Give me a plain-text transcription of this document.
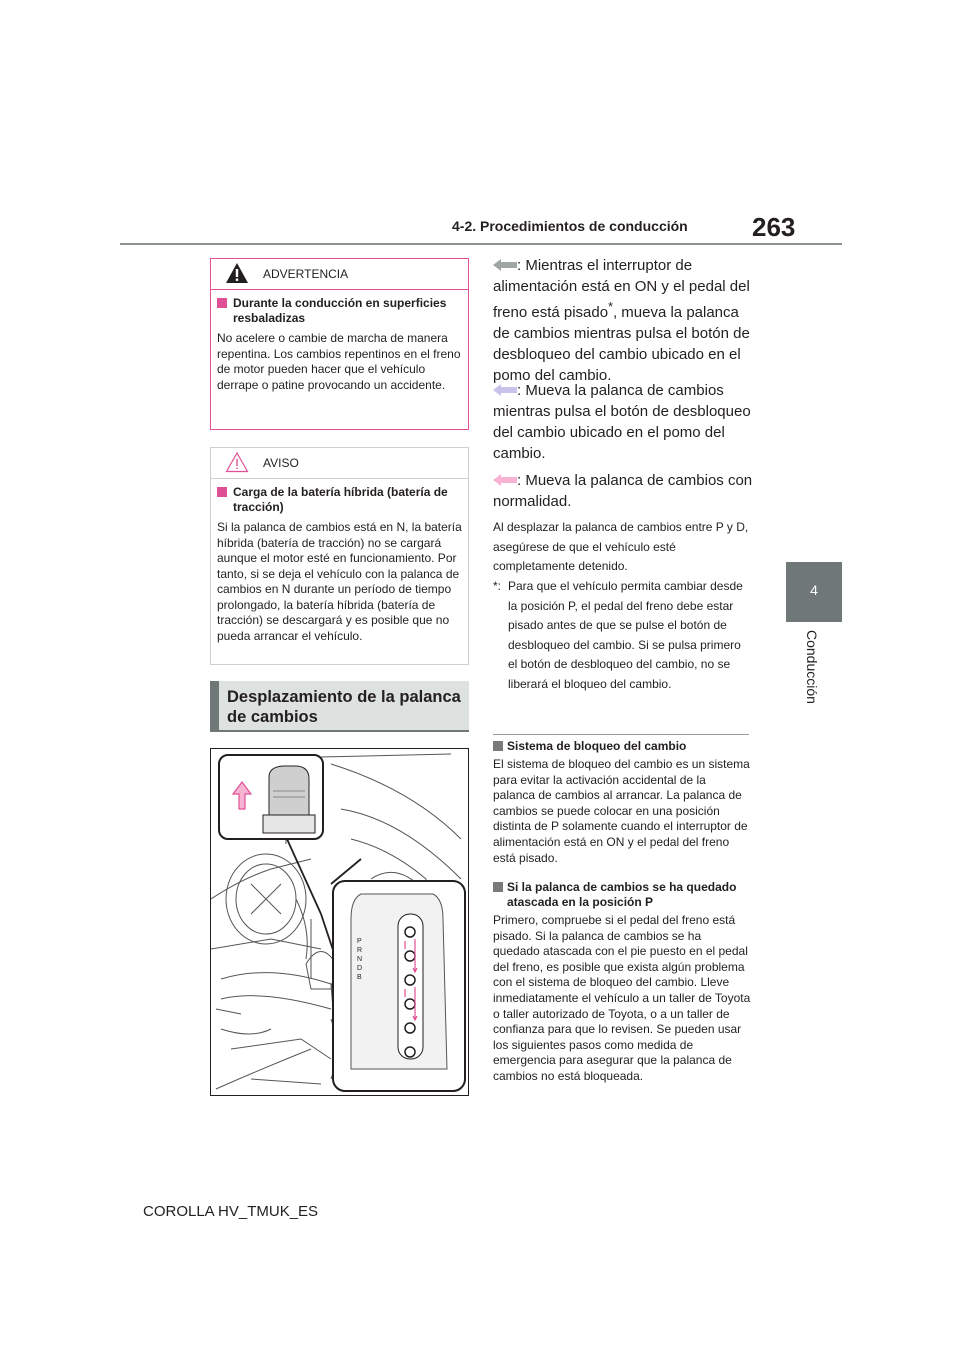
4-2. Procedimientos de conducción 263
4
Conducción
ADVERTENCIA
Durante la conducción en superficies resbaladizas
No acelere o cambie de marcha de manera repentina. Los cambios repentinos en el freno de motor pueden hacer que el vehículo derrape o patine provocando un accidente.
AVISO
Carga de la batería híbrida (batería de tracción)
Si la palanca de cambios está en N, la batería híbrida (batería de tracción) no se cargará aunque el motor esté en funcionamiento. Por tanto, si se deja el vehículo con la palanca de cambios en N durante un período de tiempo prolongado, la batería híbrida (batería de tracción) se descargará y es posible que no pueda arrancar el vehículo.
Desplazamiento de la palanca de cambios
P
R
N
D
B
: Mientras el interruptor de alimentación está en ON y el pedal del freno está pisado*, mueva la palanca de cambios mientras pulsa el botón de desbloqueo del cambio ubicado en el pomo del cambio.
: Mueva la palanca de cambios mientras pulsa el botón de desbloqueo del cambio ubicado en el pomo del cambio.
: Mueva la palanca de cambios con normalidad.
Al desplazar la palanca de cambios entre P y D, asegúrese de que el vehículo esté completamente detenido.
*: Para que el vehículo permita cambiar desde la posición P, el pedal del freno debe estar pisado antes de que se pulse el botón de desbloqueo del cambio. Si se pulsa primero el botón de desbloqueo del cambio, no se liberará el bloqueo del cambio.
Sistema de bloqueo del cambio
El sistema de bloqueo del cambio es un sistema para evitar la activación accidental de la palanca de cambios al arrancar. La palanca de cambios se puede colocar en una posición distinta de P solamente cuando el interruptor de alimentación está en ON y el pedal del freno está pisado.
Si la palanca de cambios se ha quedado atascada en la posición P
Primero, compruebe si el pedal del freno está pisado. Si la palanca de cambios se ha quedado atascada con el pie puesto en el pedal del freno, es posible que exista algún problema con el sistema de bloqueo del cambio. Lleve inmediatamente el vehículo a un taller de Toyota o taller autorizado de Toyota, o a un taller de confianza para que lo revisen. Se pueden usar los siguientes pasos como medida de emergencia para asegurar que la palanca de cambios no está bloqueada.
COROLLA HV_TMUK_ES
